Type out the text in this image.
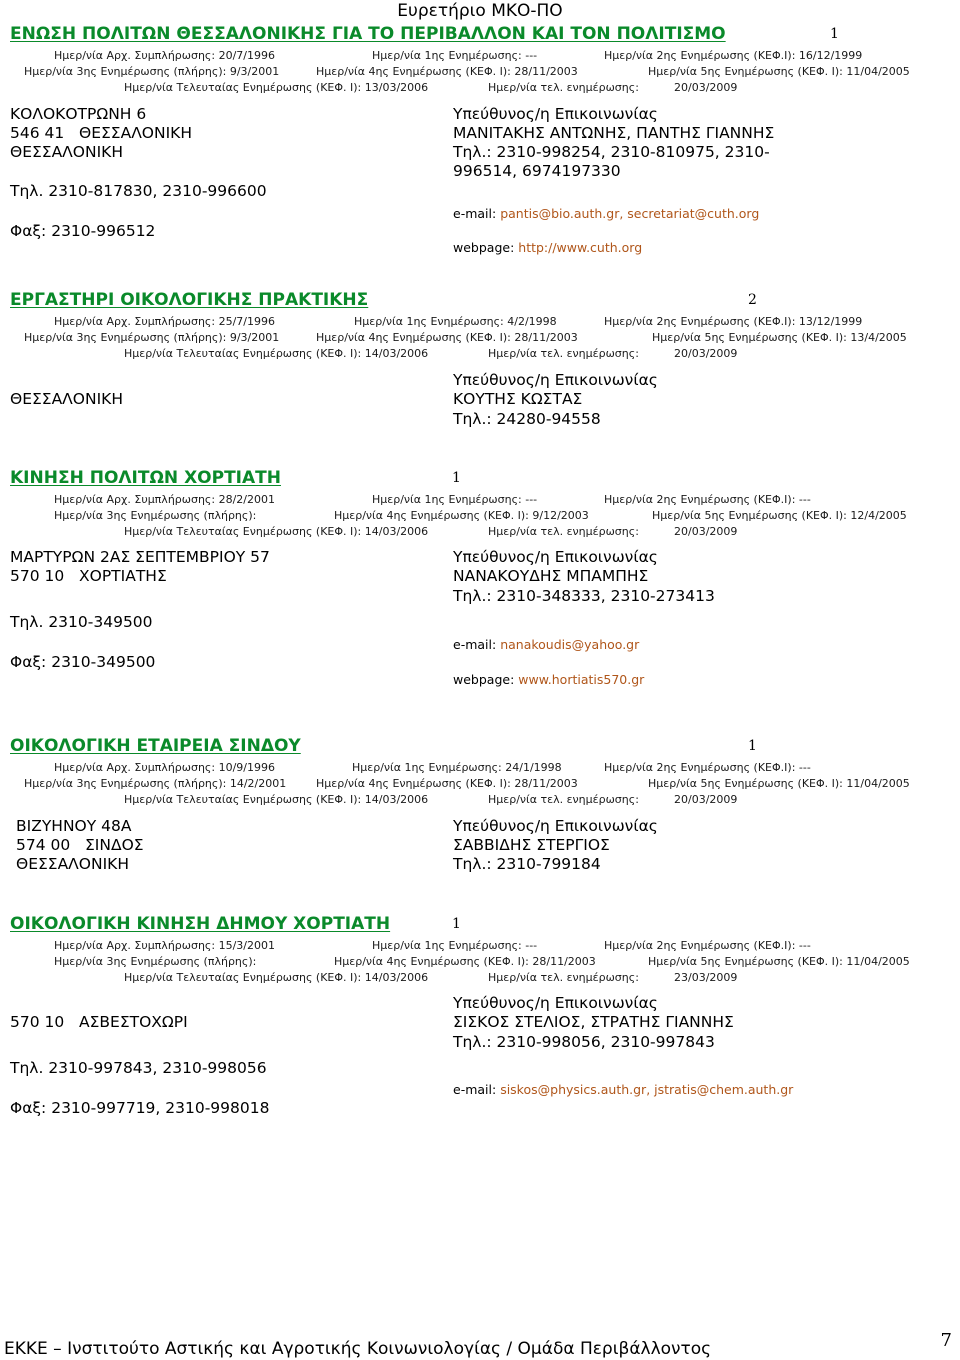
Ευρετήριο ΜΚΟ-ΠΟ
ΕΝΩΣΗ ΠΟΛΙΤΩΝ ΘΕΣΣΑΛΟΝΙΚΗΣ ΓΙΑ ΤΟ ΠΕΡΙΒΑΛΛΟΝ ΚΑΙ ΤΟΝ ΠΟΛΙΤΙΣΜΟ	1
Ημερ/νία Αρχ. Συμπλήρωσης: 20/7/1996	Ημερ/νία 1ης Ενημέρωσης: ---	Ημερ/νία 2ης Ενημέρωσης (ΚΕΦ.Ι): 16/12/1999
Ημερ/νία 3ης Ενημέρωσης (πλήρης): 9/3/2001	Ημερ/νία 4ης Ενημέρωσης (ΚΕΦ. Ι): 28/11/2003	Ημερ/νία 5ης Ενημέρωσης (ΚΕΦ. Ι): 11/04/2005
Ημερ/νία Τελευταίας Ενημέρωσης (ΚΕΦ. Ι): 13/03/2006	Ημερ/νία τελ. ενημέρωσης:	20/03/2009
ΚΟΛΟΚΟΤΡΩΝΗ 6
546 41   ΘΕΣΣΑΛΟΝΙΚΗ
ΘΕΣΣΑΛΟΝΙΚΗ
Τηλ. 2310-817830, 2310-996600
Φαξ: 2310-996512
Υπεύθυνος/η Επικοινωνίας
ΜΑΝΙΤΑΚΗΣ ΑΝΤΩΝΗΣ, ΠΑΝΤΗΣ ΓΙΑΝΝΗΣ
Τηλ.: 2310-998254, 2310-810975, 2310-
996514, 6974197330
e-mail: pantis@bio.auth.gr, secretariat@cuth.org
webpage: http://www.cuth.org
ΕΡΓΑΣΤΗΡΙ ΟΙΚΟΛΟΓΙΚΗΣ ΠΡΑΚΤΙΚΗΣ	2
Ημερ/νία Αρχ. Συμπλήρωσης: 25/7/1996	Ημερ/νία 1ης Ενημέρωσης: 4/2/1998	Ημερ/νία 2ης Ενημέρωσης (ΚΕΦ.Ι): 13/12/1999
Ημερ/νία 3ης Ενημέρωσης (πλήρης): 9/3/2001	Ημερ/νία 4ης Ενημέρωσης (ΚΕΦ. Ι): 28/11/2003	Ημερ/νία 5ης Ενημέρωσης (ΚΕΦ. Ι): 13/4/2005
Ημερ/νία Τελευταίας Ενημέρωσης (ΚΕΦ. Ι): 14/03/2006	Ημερ/νία τελ. ενημέρωσης:	20/03/2009
ΘΕΣΣΑΛΟΝΙΚΗ
Υπεύθυνος/η Επικοινωνίας
ΚΟΥΤΗΣ ΚΩΣΤΑΣ
Τηλ.: 24280-94558
ΚΙΝΗΣΗ ΠΟΛΙΤΩΝ ΧΟΡΤΙΑΤΗ	1
Ημερ/νία Αρχ. Συμπλήρωσης: 28/2/2001	Ημερ/νία 1ης Ενημέρωσης: ---	Ημερ/νία 2ης Ενημέρωσης (ΚΕΦ.Ι): ---
Ημερ/νία 3ης Ενημέρωσης (πλήρης):	Ημερ/νία 4ης Ενημέρωσης (ΚΕΦ. Ι): 9/12/2003	Ημερ/νία 5ης Ενημέρωσης (ΚΕΦ. Ι): 12/4/2005
Ημερ/νία Τελευταίας Ενημέρωσης (ΚΕΦ. Ι): 14/03/2006	Ημερ/νία τελ. ενημέρωσης:	20/03/2009
ΜΑΡΤΥΡΩΝ 2ΑΣ ΣΕΠΤΕΜΒΡΙΟΥ 57
570 10   ΧΟΡΤΙΑΤΗΣ
Τηλ. 2310-349500
Φαξ: 2310-349500
Υπεύθυνος/η Επικοινωνίας
ΝΑΝΑΚΟΥΔΗΣ ΜΠΑΜΠΗΣ
Τηλ.: 2310-348333, 2310-273413
e-mail: nanakoudis@yahoo.gr
webpage: www.hortiatis570.gr
ΟΙΚΟΛΟΓΙΚΗ ΕΤΑΙΡΕΙΑ ΣΙΝΔΟΥ	1
Ημερ/νία Αρχ. Συμπλήρωσης: 10/9/1996	Ημερ/νία 1ης Ενημέρωσης: 24/1/1998	Ημερ/νία 2ης Ενημέρωσης (ΚΕΦ.Ι): ---
Ημερ/νία 3ης Ενημέρωσης (πλήρης): 14/2/2001	Ημερ/νία 4ης Ενημέρωσης (ΚΕΦ. Ι): 28/11/2003	Ημερ/νία 5ης Ενημέρωσης (ΚΕΦ. Ι): 11/04/2005
Ημερ/νία Τελευταίας Ενημέρωσης (ΚΕΦ. Ι): 14/03/2006	Ημερ/νία τελ. ενημέρωσης:	20/03/2009
ΒΙΖΥΗΝΟΥ 48Α
574 00   ΣΙΝΔΟΣ
ΘΕΣΣΑΛΟΝΙΚΗ
Υπεύθυνος/η Επικοινωνίας
ΣΑΒΒΙΔΗΣ ΣΤΕΡΓΙΟΣ
Τηλ.: 2310-799184
ΟΙΚΟΛΟΓΙΚΗ ΚΙΝΗΣΗ ΔΗΜΟΥ ΧΟΡΤΙΑΤΗ	1
Ημερ/νία Αρχ. Συμπλήρωσης: 15/3/2001	Ημερ/νία 1ης Ενημέρωσης: ---	Ημερ/νία 2ης Ενημέρωσης (ΚΕΦ.Ι): ---
Ημερ/νία 3ης Ενημέρωσης (πλήρης):	Ημερ/νία 4ης Ενημέρωσης (ΚΕΦ. Ι): 28/11/2003	Ημερ/νία 5ης Ενημέρωσης (ΚΕΦ. Ι): 11/04/2005
Ημερ/νία Τελευταίας Ενημέρωσης (ΚΕΦ. Ι): 14/03/2006	Ημερ/νία τελ. ενημέρωσης:	23/03/2009
570 10   ΑΣΒΕΣΤΟΧΩΡΙ
Τηλ. 2310-997843, 2310-998056
Φαξ: 2310-997719, 2310-998018
Υπεύθυνος/η Επικοινωνίας
ΣΙΣΚΟΣ ΣΤΕΛΙΟΣ, ΣΤΡΑΤΗΣ ΓΙΑΝΝΗΣ
Τηλ.: 2310-998056, 2310-997843
e-mail: siskos@physics.auth.gr, jstratis@chem.auth.gr
ΕΚΚΕ – Ινστιτούτο Αστικής και Αγροτικής Κοινωνιολογίας / Ομάδα Περιβάλλοντος	7
